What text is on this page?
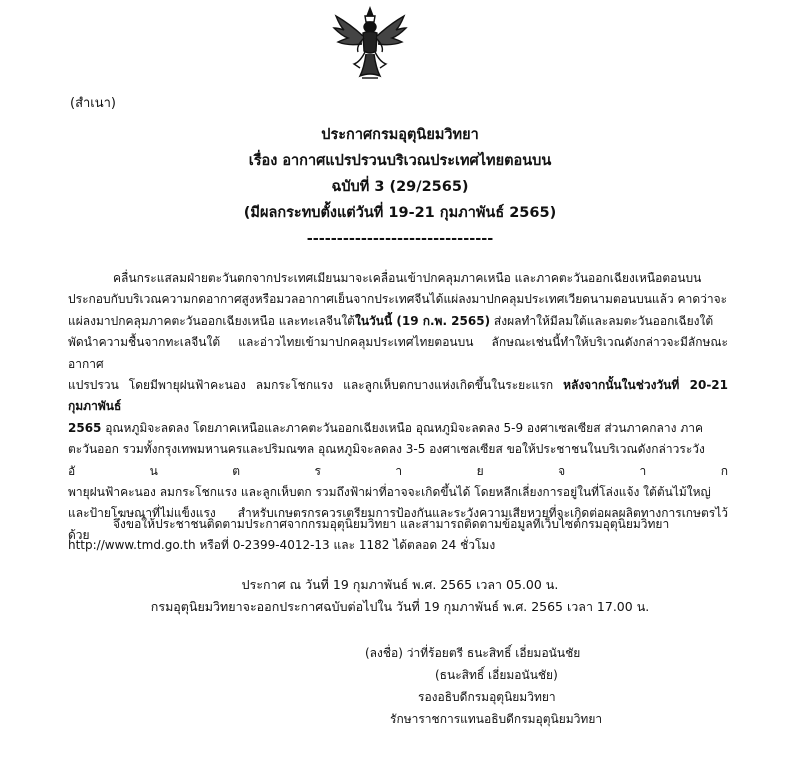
(สำเนา)
ประกาศกรมอุตุนิยมวิทยา
เรื่อง อากาศแปรปรวนบริเวณประเทศไทยตอนบน
ฉบับที่ 3 (29/2565)
(มีผลกระทบตั้งแต่วันที่ 19-21 กุมภาพันธ์ 2565)
-------------------------------
คลื่นกระแสลมฝ่ายตะวันตกจากประเทศเมียนมาจะเคลื่อนเข้าปกคลุมภาคเหนือ และภาคตะวันออกเฉียงเหนือตอนบน
ประกอบกับบริเวณความกดอากาศสูงหรือมวลอากาศเย็นจากประเทศจีนได้แผ่ลงมาปกคลุมประเทศเวียดนามตอนบนแล้ว คาดว่าจะ
แผ่ลงมาปกคลุมภาคตะวันออกเฉียงเหนือ และทะเลจีนใต้ในวันนี้ (19 ก.พ. 2565) ส่งผลทำให้มีลมใต้และลมตะวันออกเฉียงใต้
พัดนำความชื้นจากทะเลจีนใต้ และอ่าวไทยเข้ามาปกคลุมประเทศไทยตอนบน ลักษณะเช่นนี้ทำให้บริเวณดังกล่าวจะมีลักษณะอากาศ
แปรปรวน โดยมีพายุฝนฟ้าคะนอง ลมกระโชกแรง และลูกเห็บตกบางแห่งเกิดขึ้นในระยะแรก หลังจากนั้นในช่วงวันที่ 20-21 กุมภาพันธ์
2565 อุณหภูมิจะลดลง โดยภาคเหนือและภาคตะวันออกเฉียงเหนือ อุณหภูมิจะลดลง 5-9 องศาเซลเซียส ส่วนภาคกลาง ภาค
ตะวันออก รวมทั้งกรุงเทพมหานครและปริมณฑล อุณหภูมิจะลดลง 3-5 องศาเซลเซียส ขอให้ประชาชนในบริเวณดังกล่าวระวัง
อั	น	ต	ร	า	ย	จ	า	ก
พายุฝนฟ้าคะนอง ลมกระโชกแรง และลูกเห็บตก รวมถึงฟ้าผ่าที่อาจจะเกิดขึ้นได้ โดยหลีกเลี่ยงการอยู่ในที่โล่งแจ้ง ใต้ต้นไม้ใหญ่
และป้ายโฆษณาที่ไม่แข็งแรง สำหรับเกษตรกรควรเตรียมการป้องกันและระวังความเสียหายที่จะเกิดต่อผลผลิตทางการเกษตรไว้ด้วย
จึงขอให้ประชาชนติดตามประกาศจากกรมอุตุนิยมวิทยา และสามารถติดตามข้อมูลที่เว็บไซต์กรมอุตุนิยมวิทยา
http://www.tmd.go.th หรือที่ 0-2399-4012-13 และ 1182 ได้ตลอด 24 ชั่วโมง
ประกาศ ณ วันที่ 19 กุมภาพันธ์ พ.ศ. 2565 เวลา 05.00 น.
กรมอุตุนิยมวิทยาจะออกประกาศฉบับต่อไปใน วันที่ 19 กุมภาพันธ์ พ.ศ. 2565 เวลา 17.00 น.
(ลงชื่อ) ว่าที่ร้อยตรี ธนะสิทธิ์ เอี่ยมอนันชัย
(ธนะสิทธิ์ เอี่ยมอนันชัย)
รองอธิบดีกรมอุตุนิยมวิทยา
รักษาราชการแทนอธิบดีกรมอุตุนิยมวิทยา
